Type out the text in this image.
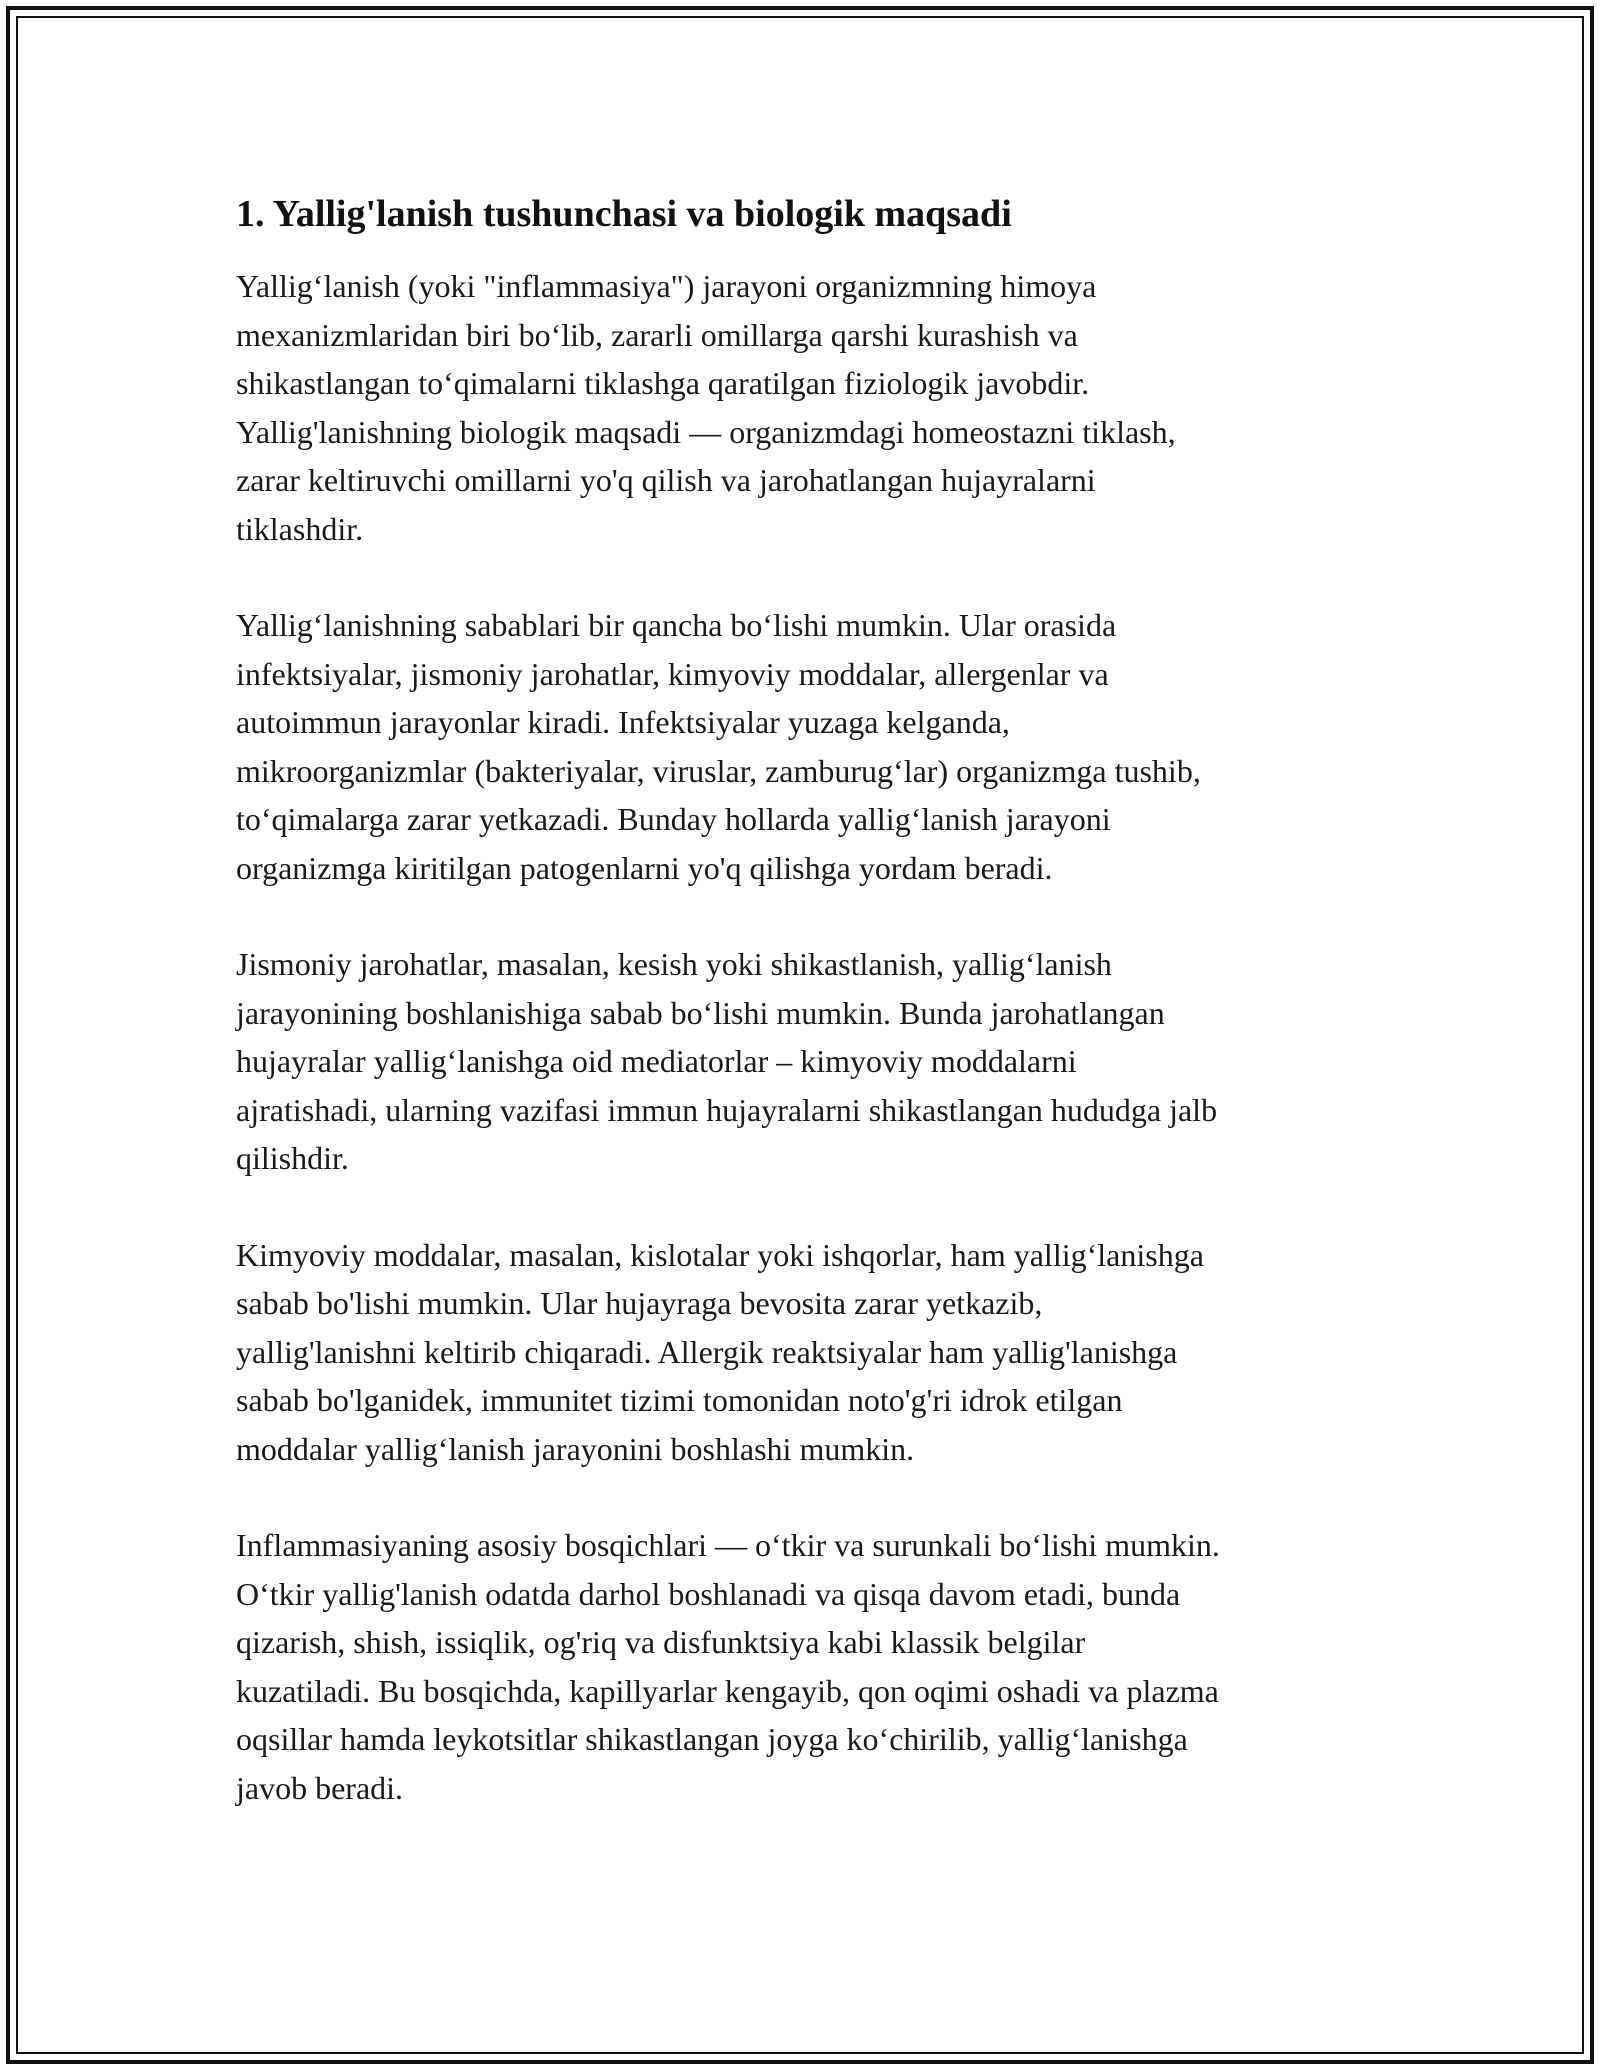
1. Yallig'lanish tushunchasi va biologik maqsadi

Yallig‘lanish (yoki "inflammasiya") jarayoni organizmning himoya
mexanizmlaridan biri bo‘lib, zararli omillarga qarshi kurashish va
shikastlangan to‘qimalarni tiklashga qaratilgan fiziologik javobdir.
Yallig'lanishning biologik maqsadi — organizmdagi homeostazni tiklash,
zarar keltiruvchi omillarni yo'q qilish va jarohatlangan hujayralarni
tiklashdir.

Yallig‘lanishning sabablari bir qancha bo‘lishi mumkin. Ular orasida
infektsiyalar, jismoniy jarohatlar, kimyoviy moddalar, allergenlar va
autoimmun jarayonlar kiradi. Infektsiyalar yuzaga kelganda,
mikroorganizmlar (bakteriyalar, viruslar, zamburug‘lar) organizmga tushib,
to‘qimalarga zarar yetkazadi. Bunday hollarda yallig‘lanish jarayoni
organizmga kiritilgan patogenlarni yo'q qilishga yordam beradi.

Jismoniy jarohatlar, masalan, kesish yoki shikastlanish, yallig‘lanish
jarayonining boshlanishiga sabab bo‘lishi mumkin. Bunda jarohatlangan
hujayralar yallig‘lanishga oid mediatorlar – kimyoviy moddalarni
ajratishadi, ularning vazifasi immun hujayralarni shikastlangan hududga jalb
qilishdir.

Kimyoviy moddalar, masalan, kislotalar yoki ishqorlar, ham yallig‘lanishga
sabab bo'lishi mumkin. Ular hujayraga bevosita zarar yetkazib,
yallig'lanishni keltirib chiqaradi. Allergik reaktsiyalar ham yallig'lanishga
sabab bo'lganidek, immunitet tizimi tomonidan noto'g'ri idrok etilgan
moddalar yallig‘lanish jarayonini boshlashi mumkin.

Inflammasiyaning asosiy bosqichlari — o‘tkir va surunkali bo‘lishi mumkin.
O‘tkir yallig'lanish odatda darhol boshlanadi va qisqa davom etadi, bunda
qizarish, shish, issiqlik, og'riq va disfunktsiya kabi klassik belgilar
kuzatiladi. Bu bosqichda, kapillyarlar kengayib, qon oqimi oshadi va plazma
oqsillar hamda leykotsitlar shikastlangan joyga ko‘chirilib, yallig‘lanishga
javob beradi.
